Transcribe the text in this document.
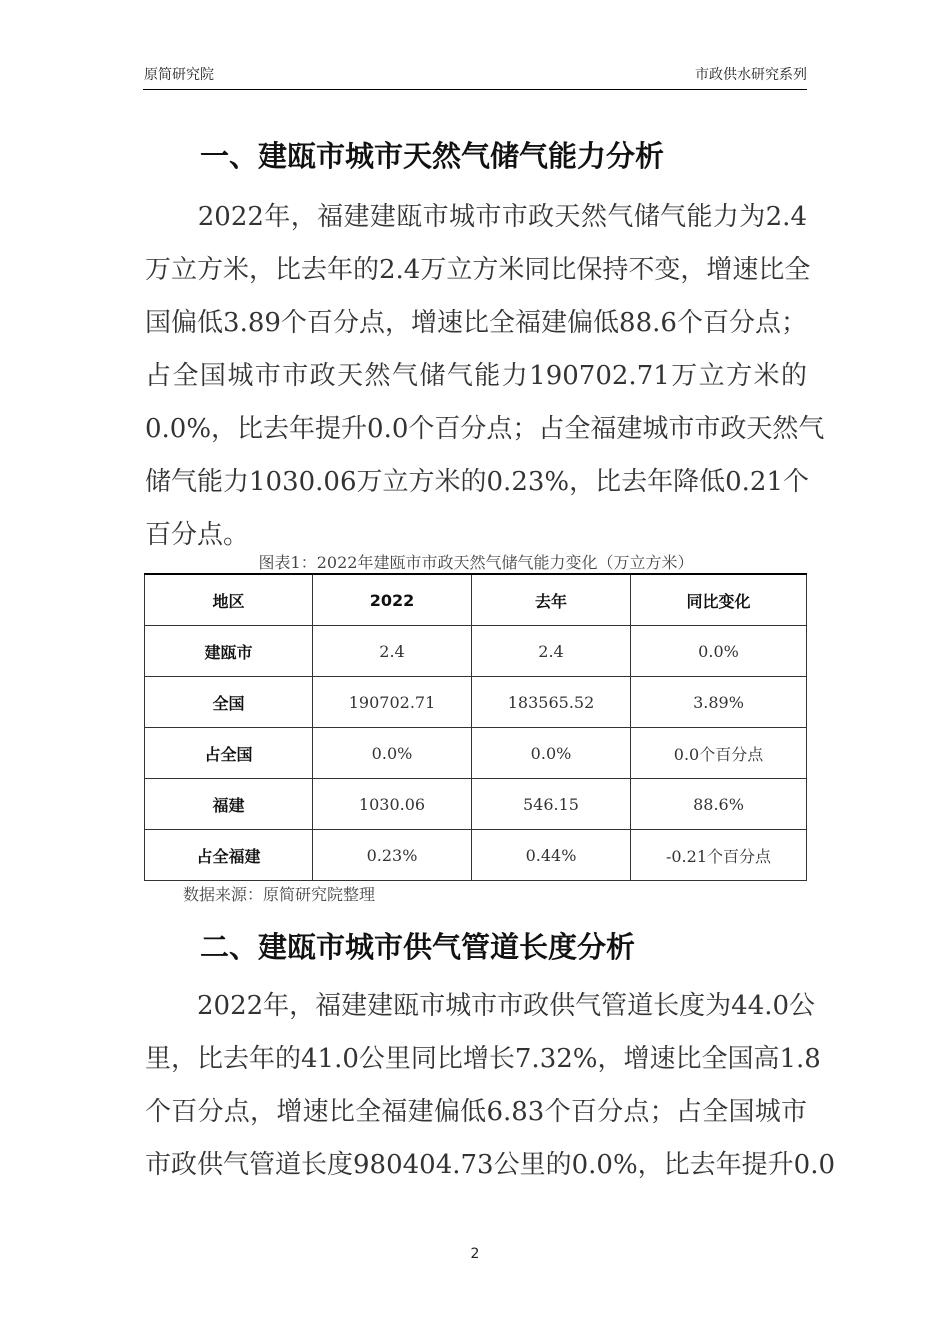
原简研究院	市政供水研究系列
一、建瓯市城市天然气储气能力分析
　　2022年，福建建瓯市城市市政天然气储气能力为2.4
万立方米，比去年的2.4万立方米同比保持不变，增速比全
国偏低3.89个百分点，增速比全福建偏低88.6个百分点；
占全国城市市政天然气储气能力190702.71万立方米的
0.0%，比去年提升0.0个百分点；占全福建城市市政天然气
储气能力1030.06万立方米的0.23%，比去年降低0.21个
百分点。
图表1：2022年建瓯市市政天然气储气能力变化（万立方米）
地区	2022	去年	同比变化
建瓯市	2.4	2.4	0.0%
全国	190702.71	183565.52	3.89%
占全国	0.0%	0.0%	0.0个百分点
福建	1030.06	546.15	88.6%
占全福建	0.23%	0.44%	-0.21个百分点
数据来源：原简研究院整理
二、建瓯市城市供气管道长度分析
　　2022年，福建建瓯市城市市政供气管道长度为44.0公
里，比去年的41.0公里同比增长7.32%，增速比全国高1.8
个百分点，增速比全福建偏低6.83个百分点；占全国城市
市政供气管道长度980404.73公里的0.0%，比去年提升0.0
2
